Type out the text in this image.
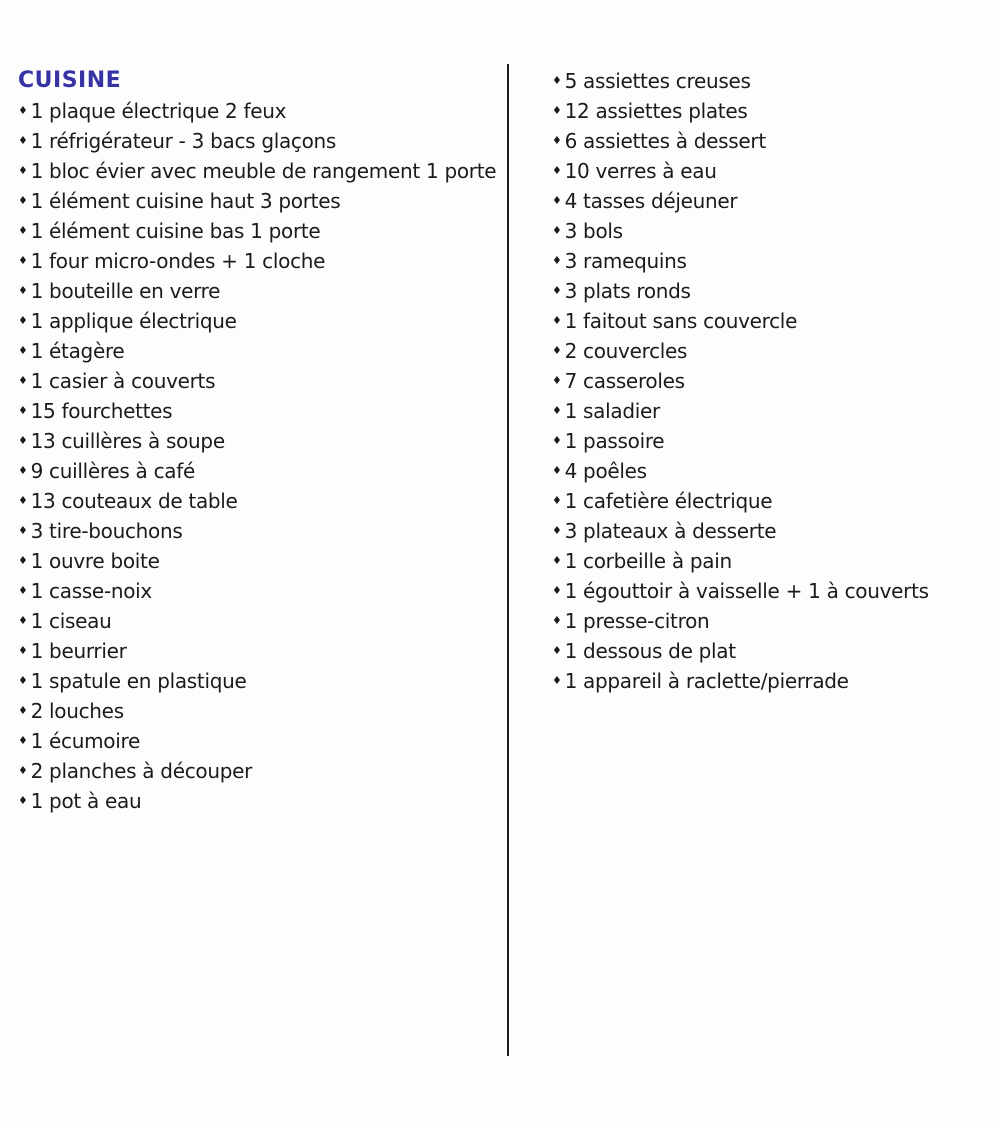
CUISINE
♦ 1 plaque électrique 2 feux
♦ 1 réfrigérateur - 3 bacs glaçons
♦ 1 bloc évier avec meuble de rangement 1 porte
♦ 1 élément cuisine haut 3 portes
♦ 1 élément cuisine bas 1 porte
♦ 1 four micro-ondes + 1 cloche
♦ 1 bouteille en verre
♦ 1 applique électrique
♦ 1 étagère
♦ 1 casier à couverts
♦ 15 fourchettes
♦ 13 cuillères à soupe
♦ 9 cuillères à café
♦ 13 couteaux de table
♦ 3 tire-bouchons
♦ 1 ouvre boite
♦ 1 casse-noix
♦ 1 ciseau
♦ 1 beurrier
♦ 1 spatule en plastique
♦ 2 louches
♦ 1 écumoire
♦ 2 planches à découper
♦ 1 pot à eau
♦ 5 assiettes creuses
♦ 12 assiettes plates
♦ 6 assiettes à dessert
♦ 10 verres à eau
♦ 4 tasses déjeuner
♦ 3 bols
♦ 3 ramequins
♦ 3 plats ronds
♦ 1 faitout sans couvercle
♦ 2 couvercles
♦ 7 casseroles
♦ 1 saladier
♦ 1 passoire
♦ 4 poêles
♦ 1 cafetière électrique
♦ 3 plateaux à desserte
♦ 1 corbeille à pain
♦ 1 égouttoir à vaisselle + 1 à couverts
♦ 1 presse-citron
♦ 1 dessous de plat
♦ 1 appareil à raclette/pierrade
